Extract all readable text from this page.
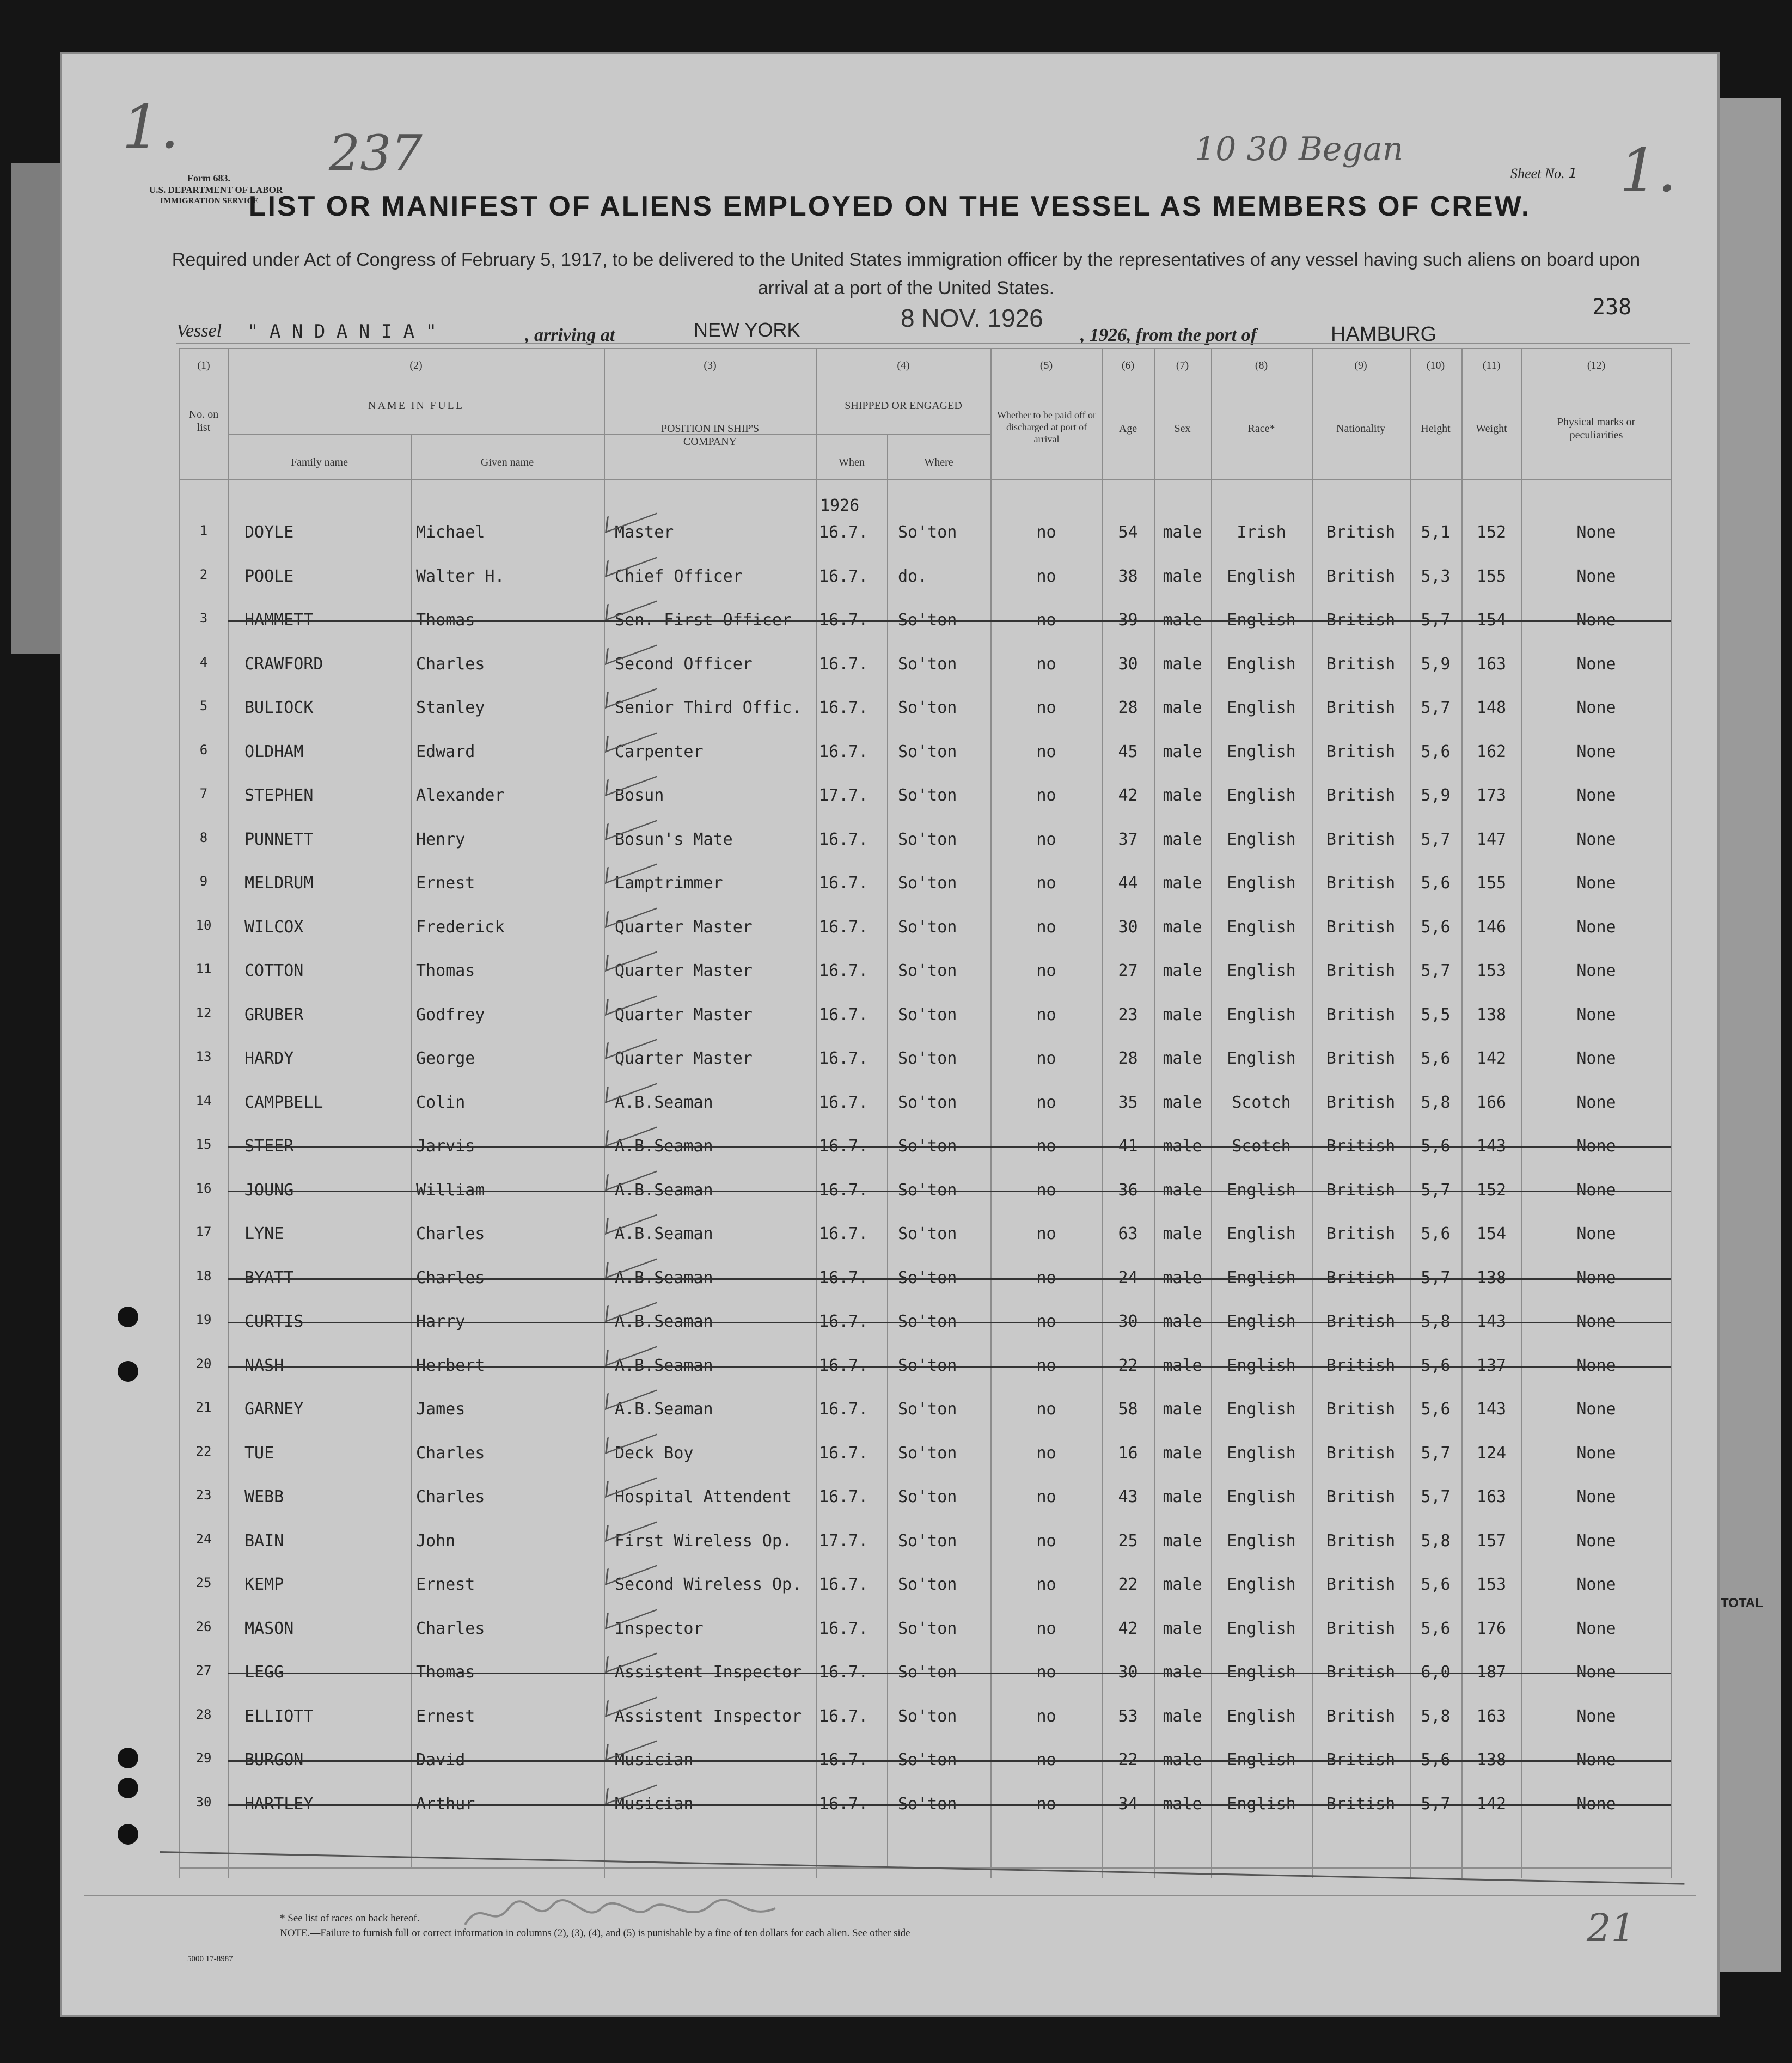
TOTAL
1.	237	10 30 Began	1.
Form 683.
U.S. DEPARTMENT OF LABOR
IMMIGRATION SERVICE
Sheet No. 1
LIST OR MANIFEST OF ALIENS EMPLOYED ON THE VESSEL AS MEMBERS OF CREW.
Required under Act of Congress of February 5, 1917, to be delivered to the United States immigration officer by the representatives of any vessel having such aliens on board upon arrival at a port of the United States.
238
Vessel " A N D A N I A "	, arriving at	NEW YORK	8 NOV. 1926
, 1926, from the port of	HAMBURG
(1)	(2)	(3)	(4)	(5)	(6)	(7)	(8)	(9)	(10)	(11)	(12)
No. on list
NAME IN FULL
Family name	Given name
POSITION IN SHIP'S COMPANY
SHIPPED OR ENGAGED
When	Where
Whether to be paid off or discharged at port of arrival
Age	Sex	Race*	Nationality	Height	Weight
Physical marks or peculiarities
1926
1	DOYLE	Michael	Master	16.7.	So'ton	no	54	male	Irish	British	5,1	152	None
2	POOLE	Walter H.	Chief Officer	16.7.	do.	no	38	male	English	British	5,3	155	None
3	HAMMETT	Thomas	Sen. First Officer	16.7.	So'ton	no	39	male	English	British	5,7	154	None
4	CRAWFORD	Charles	Second Officer	16.7.	So'ton	no	30	male	English	British	5,9	163	None
5	BULIOCK	Stanley	Senior Third Offic.	16.7.	So'ton	no	28	male	English	British	5,7	148	None
6	OLDHAM	Edward	Carpenter	16.7.	So'ton	no	45	male	English	British	5,6	162	None
7	STEPHEN	Alexander	Bosun	17.7.	So'ton	no	42	male	English	British	5,9	173	None
8	PUNNETT	Henry	Bosun's Mate	16.7.	So'ton	no	37	male	English	British	5,7	147	None
9	MELDRUM	Ernest	Lamptrimmer	16.7.	So'ton	no	44	male	English	British	5,6	155	None
10	WILCOX	Frederick	Quarter Master	16.7.	So'ton	no	30	male	English	British	5,6	146	None
11	COTTON	Thomas	Quarter Master	16.7.	So'ton	no	27	male	English	British	5,7	153	None
12	GRUBER	Godfrey	Quarter Master	16.7.	So'ton	no	23	male	English	British	5,5	138	None
13	HARDY	George	Quarter Master	16.7.	So'ton	no	28	male	English	British	5,6	142	None
14	CAMPBELL	Colin	A.B.Seaman	16.7.	So'ton	no	35	male	Scotch	British	5,8	166	None
15	STEER	Jarvis	A.B.Seaman	16.7.	So'ton	no	41	male	Scotch	British	5,6	143	None
16	JOUNG	William	A.B.Seaman	16.7.	So'ton	no	36	male	English	British	5,7	152	None
17	LYNE	Charles	A.B.Seaman	16.7.	So'ton	no	63	male	English	British	5,6	154	None
18	BYATT	Charles	A.B.Seaman	16.7.	So'ton	no	24	male	English	British	5,7	138	None
19	CURTIS	Harry	A.B.Seaman	16.7.	So'ton	no	30	male	English	British	5,8	143	None
20	NASH	Herbert	A.B.Seaman	16.7.	So'ton	no	22	male	English	British	5,6	137	None
21	GARNEY	James	A.B.Seaman	16.7.	So'ton	no	58	male	English	British	5,6	143	None
22	TUE	Charles	Deck Boy	16.7.	So'ton	no	16	male	English	British	5,7	124	None
23	WEBB	Charles	Hospital Attendent	16.7.	So'ton	no	43	male	English	British	5,7	163	None
24	BAIN	John	First Wireless Op.	17.7.	So'ton	no	25	male	English	British	5,8	157	None
25	KEMP	Ernest	Second Wireless Op.	16.7.	So'ton	no	22	male	English	British	5,6	153	None
26	MASON	Charles	Inspector	16.7.	So'ton	no	42	male	English	British	5,6	176	None
27	LEGG	Thomas	Assistent Inspector	16.7.	So'ton	no	30	male	English	British	6,0	187	None
28	ELLIOTT	Ernest	Assistent Inspector	16.7.	So'ton	no	53	male	English	British	5,8	163	None
29	BURGON	David	Musician	16.7.	So'ton	no	22	male	English	British	5,6	138	None
30	HARTLEY	Arthur	Musician	16.7.	So'ton	no	34	male	English	British	5,7	142	None
* See list of races on back hereof.
NOTE.—Failure to furnish full or correct information in columns (2), (3), (4), and (5) is punishable by a fine of ten dollars for each alien. See other side
5000 17-8987
21
